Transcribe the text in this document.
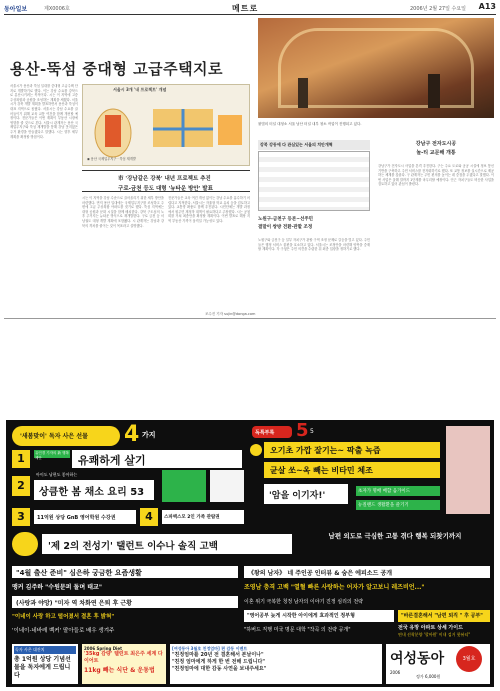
동아일보	제X0006호	메트로	2006년 2월 27일 수요일 A13
용산-뚝섬 중대형 고급주택지로
서울시가 용산과 뚝섬 일대를 중대형 고급주택 단지로 개발하기로 했다. 이는 강남 수요를 강북으로 분산시키려는 목적이다. 시는 이 지역에 고층 주상복합과 공원을 조성하는 계획을 세웠다. 서울시가 강북 개발 계획을 발표하면서 용산과 뚝섬이 대표 지역으로 꼽혔다. 서울시는 강남 수요를 끌어들이기 위해 교육 교통 여건을 함께 개선할 예정이다. 전문가들은 이번 계획이 부동산 시장에 영향을 줄 것으로 본다. 서울시 관계자는 용산 국제업무지구와 뚝섬 재개발을 통해 강남 못지않은 주거 환경을 만들겠다고 말했다. 시는 향후 세부 계획을 확정할 방침이다.
서울시 3개 '내 프로젝트' 개념
◉ 용산 국제업무지구 · 뚝섬 재개발
市 '강남같은 강북' 내년 프로젝트 추진
구로-금천 등도 대형 '뉴타운 방안' 발표
시는 이 지역을 강남 수준으로 끌어올리기 위한 세부 방안을 마련했다. 먼저 용산 일대에는 국제업무지구를 조성하고 주변에 고급 주상복합 아파트를 짓기로 했다. 뚝섬 지역에는 대형 공원과 문화 시설을 함께 배치한다. 강북 구도심의 노후 주거지는 뉴타운 방식으로 재개발한다. 구로 금천 등 서남권도 대형 개발 계획에 포함됐다. 시 관계자는 강남과 강북의 격차를 줄이는 것이 목표라고 설명했다.
전문가들은 교육 여건 개선 없이는 강남 수요를 흡수하기 어렵다고 지적한다. 서울시는 자율형 학교 유치 등을 검토하고 있다. 교통망 확충도 함께 추진된다. 시민단체는 개발 과정에서 원주민 재정착 대책이 필요하다고 주장했다. 시는 공청회를 거쳐 최종안을 확정할 계획이다. 이번 발표로 해당 지역 부동산 가격이 움직일 가능성도 있다.
조수진 기자 sujin@donga.com
불법의 터널 대청소 서울 남산 터널 내부 청소 작업이 진행되고 있다.
강북 강동에 다 관심있는 서울의 치안개혁	강남구 전자도시공
놀-티 교문해 개통
강남구가 전자도시 사업을 본격 추진한다. 구는 주요 도로와 공공 시설에 정보 통신 기반을 구축하고 주민 서비스를 전자화하기로 했다. 또 교통 정보를 실시간으로 제공하는 체계를 갖춘다. 구 관계자는 주민 편의를 높이는 데 중점을 두겠다고 말했다. 이번 사업은 올해 말까지 1단계를 마무리할 예정이다. 인근 자치구들도 비슷한 사업을 검토하고 있어 관심이 쏠린다.
노원구-금천구 등본~선주민
결말이 쌍방 전환·관할 조정
노원구와 금천구 등 일부 자치구가 관할 구역 조정 문제로 갈등을 빚고 있다. 주민들은 행정 서비스 불편을 호소하고 있다. 서울시는 조정안을 마련해 양측을 중재할 계획이다. 각 구청은 주민 의견을 수렴한 뒤 최종 입장을 정하기로 했다.
'새봄맞이' 독자 사은 선물	4 가지
1	유인경 기자의 新 행복 제안	유쾌하게 살기
2
아이도 남편도 좋아하는
상큼한 봄 채소 요리 53
3	11억원 상당 GnB 영어학원 수강권	4	스파맥스모 2인 가족 관람권
독특부록	5 5
오기초 가깝 잘기는~ 팍출 녹즙
균살 쏘~옥 빼는 비타민 체조
'암을 이기자!'	초자가 명배 배합 음가이드
뉴질랜드 생활환을 즐기기
'제 2의 전성기' 탤런트 이수나 솔직 고백
남편 외도로 극심한 고통 겪다 행복 되찾기까지
"4월 출산 준비" 심은하 궁금한 요즘생활
맹커 김주하 "수원문퍼 돌며 태교"
(사랑과 야망) "미자 역 차화연 은퇴 후 근황
"이네이 사랑 하고 떨어졌서 결혼 후 밝혀"
'이네이-네바레 벡커' 딸아들로 배우 생겨주
《왕의 남자》 네 주인공 인터뷰 & 숨은 에피소드 공개
조영남 충격 고백 "열혈 빠른 사랑하는 어자가 알고보니 레즈비언..."
이혼 위기 극복한 청정 남자의 이야기 진정 심리의 전략
"영어공부 늦게 시작한 아이에게 효과적인 정부형	"바른결혼해서 "남편 퇴직 " 후 공부"
"하버드 직행 미국 명문 대학 "작곡 의 전략 공개"	전국 유망 아파트 상세 가이드
연내 선착분양 '할아원' 이내 검거 핫뷰티"
독자 사은 대잔치
총 1억원 상당 기념선물을 독자에게 드립니다
2006 Spring Diet
'35kg 감량' 텔런트 최은주 세계 다이어트
11kg 빼는 식단 & 운동법
[여성동아 3월호 친정엄마] 편 감동 이벤트
"친정엄마를 20년 전 결혼해서 본날이나"
"친정 엄마에게 하게 한 번 전해 드립니다"
"친정엄마에 대한 감동 사연을 보내주세요"
여성동아	3월호
2006
정가 6,000원
